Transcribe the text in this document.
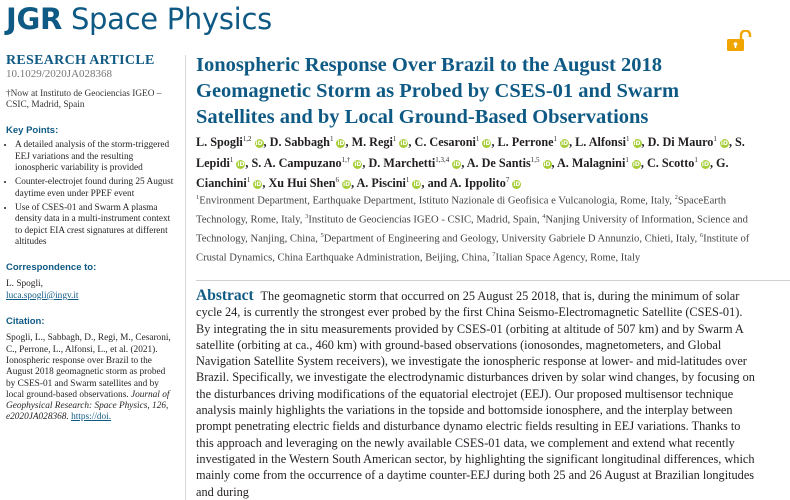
JGR Space Physics
RESEARCH ARTICLE
10.1029/2020JA028368
†Now at Instituto de Geociencias IGEO – CSIC, Madrid, Spain
Key Points:
• A detailed analysis of the storm-triggered EEJ variations and the resulting ionospheric variability is provided
• Counter-electrojet found during 25 August daytime even under PPEF event
• Use of CSES-01 and Swarm A plasma density data in a multi-instrument context to depict EIA crest signatures at different altitudes
Correspondence to:
L. Spogli,
luca.spogli@ingv.it
Citation:
Spogli, L., Sabbagh, D., Regi, M., Cesaroni, C., Perrone, L., Alfonsi, L., et al. (2021). Ionospheric response over Brazil to the August 2018 geomagnetic storm as probed by CSES-01 and Swarm satellites and by local ground-based observations. Journal of Geophysical Research: Space Physics, 126, e2020JA028368. https://doi.
Ionospheric Response Over Brazil to the August 2018 Geomagnetic Storm as Probed by CSES-01 and Swarm Satellites and by Local Ground-Based Observations
L. Spogli$^{1,2}$ iD, D. Sabbagh$^1$ iD, M. Regi$^1$ iD, C. Cesaroni$^1$ iD, L. Perrone$^1$ iD, L. Alfonsi$^1$ iD, D. Di Mauro$^1$ iD, S. Lepidi$^1$ iD, S. A. Campuzano$^{1,\dagger}$ iD, D. Marchetti$^{1,3,4}$ iD, A. De Santis$^{1,5}$ iD, A. Malagnini$^1$ iD, C. Scotto$^1$ iD, G. Cianchini$^1$ iD, Xu Hui Shen$^6$ iD, A. Piscini$^1$ iD, and A. Ippolito$^7$ iD
$^1$Environment Department, Earthquake Department, Istituto Nazionale di Geofisica e Vulcanologia, Rome, Italy, $^2$SpaceEarth Technology, Rome, Italy, $^3$Instituto de Geociencias IGEO - CSIC, Madrid, Spain, $^4$Nanjing University of Information, Science and Technology, Nanjing, China, $^5$Department of Engineering and Geology, University Gabriele D Annunzio, Chieti, Italy, $^6$Institute of Crustal Dynamics, China Earthquake Administration, Beijing, China, $^7$Italian Space Agency, Rome, Italy
Abstract The geomagnetic storm that occurred on 25 August 25 2018, that is, during the minimum of solar cycle 24, is currently the strongest ever probed by the first China Seismo-Electromagnetic Satellite (CSES-01). By integrating the in situ measurements provided by CSES-01 (orbiting at altitude of 507 km) and by Swarm A satellite (orbiting at ca., 460 km) with ground-based observations (ionosondes, magnetometers, and Global Navigation Satellite System receivers), we investigate the ionospheric response at lower- and mid-latitudes over Brazil. Specifically, we investigate the electrodynamic disturbances driven by solar wind changes, by focusing on the disturbances driving modifications of the equatorial electrojet (EEJ). Our proposed multisensor technique analysis mainly highlights the variations in the topside and bottomside ionosphere, and the interplay between prompt penetrating electric fields and disturbance dynamo electric fields resulting in EEJ variations. Thanks to this approach and leveraging on the newly available CSES-01 data, we complement and extend what recently investigated in the Western South American sector, by highlighting the significant longitudinal differences, which mainly come from the occurrence of a daytime counter-EEJ during both 25 and 26 August at Brazilian longitudes and during
